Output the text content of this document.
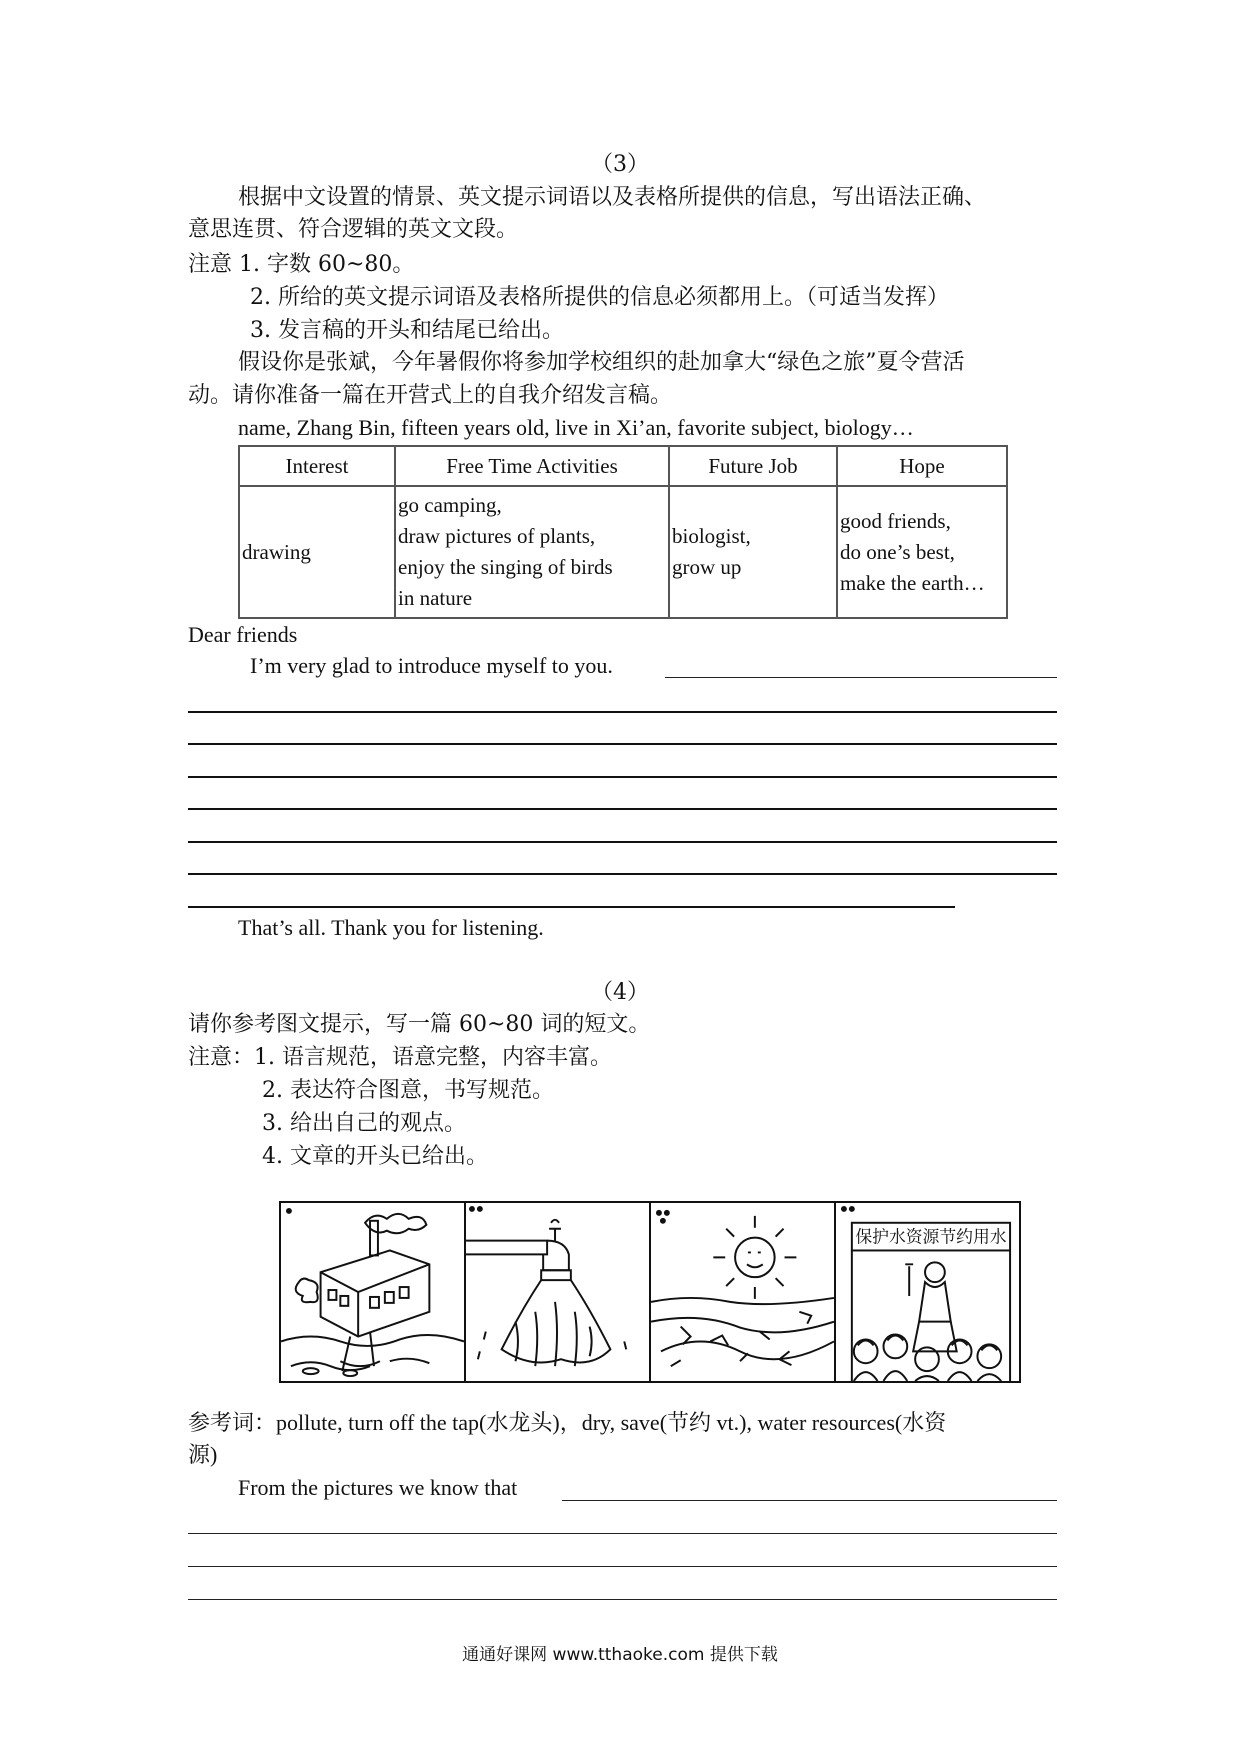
（3）
根据中文设置的情景、英文提示词语以及表格所提供的信息，写出语法正确、
意思连贯、符合逻辑的英文文段。
注意 1. 字数 60~80。
2. 所给的英文提示词语及表格所提供的信息必须都用上。（可适当发挥）
3. 发言稿的开头和结尾已给出。
假设你是张斌，今年暑假你将参加学校组织的赴加拿大“绿色之旅”夏令营活
动。请你准备一篇在开营式上的自我介绍发言稿。
name, Zhang Bin, fifteen years old, live in Xi’an, favorite subject, biology…
Interest	Free Time Activities	Future Job	Hope
drawing	go camping,
draw pictures of plants,
enjoy the singing of birds
in nature	biologist,
grow up	good friends,
do one’s best,
make the earth…
Dear friends
I’m very glad to introduce myself to you.
That’s all. Thank you for listening.
（4）
请你参考图文提示，写一篇 60~80 词的短文。
注意：1. 语言规范，语意完整，内容丰富。
2. 表达符合图意，书写规范。
3. 给出自己的观点。
4. 文章的开头已给出。
保护水资源节约用水
参考词：pollute, turn off the tap(水龙头)，dry, save(节约 vt.), water resources(水资
源)
From the pictures we know that
通通好课网 www.tthaoke.com 提供下载
